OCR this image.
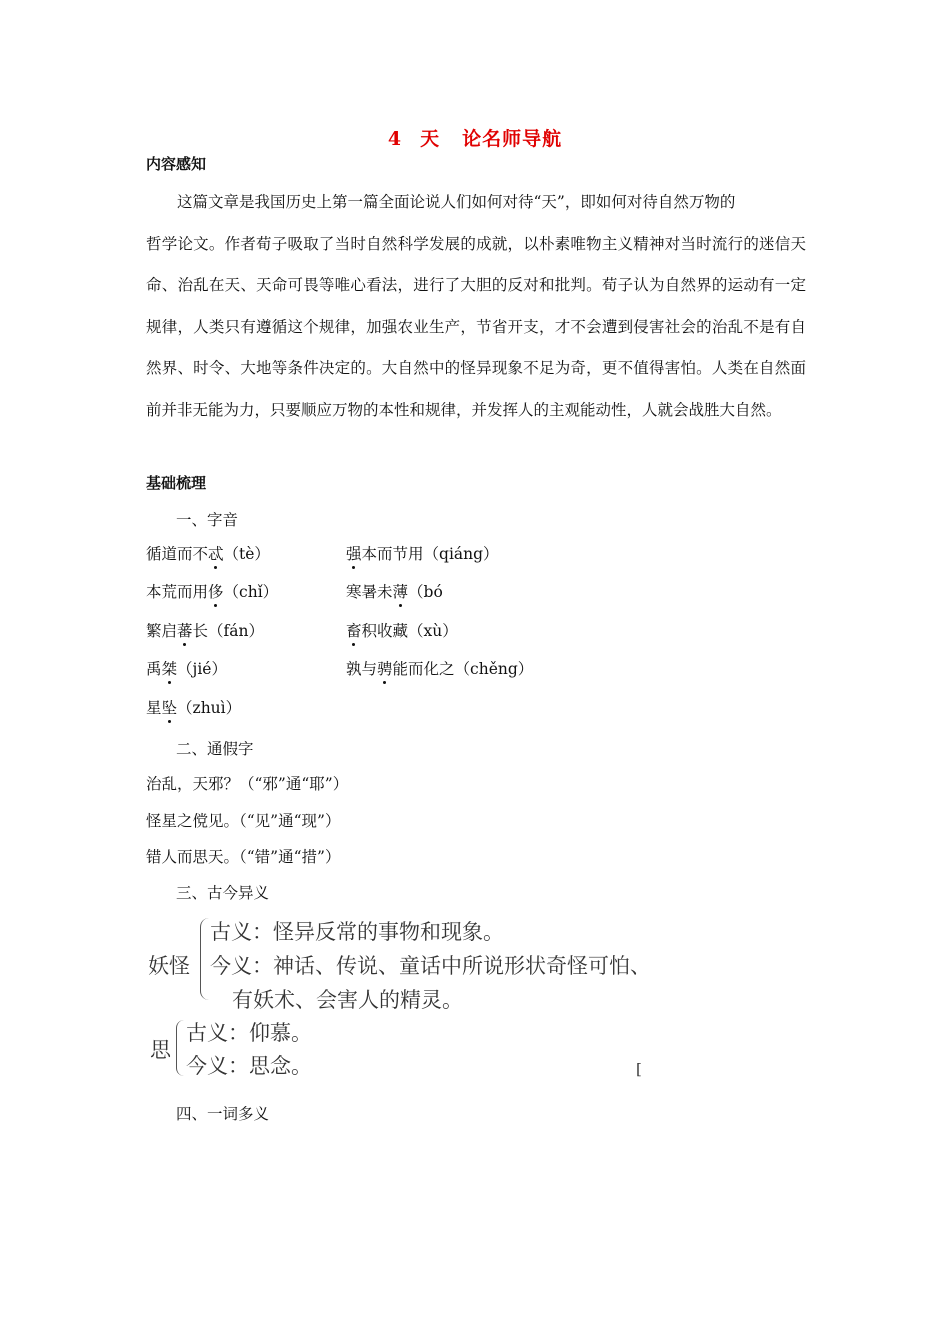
4 天 论名师导航
内容感知
这篇文章是我国历史上第一篇全面论说人们如何对待“天”，即如何对待自然万物的
哲学论文。作者荀子吸取了当时自然科学发展的成就，以朴素唯物主义精神对当时流行的迷信天命、治乱在天、天命可畏等唯心看法，进行了大胆的反对和批判。荀子认为自然界的运动有一定规律，人类只有遵循这个规律，加强农业生产，节省开支，才不会遭到侵害社会的治乱不是有自然界、时令、大地等条件决定的。大自然中的怪异现象不足为奇，更不值得害怕。人类在自然面前并非无能为力，只要顺应万物的本性和规律，并发挥人的主观能动性，人就会战胜大自然。
基础梳理
一、字音
循道而不忒（tè）	强本而节用（qiáng）
本荒而用侈（chǐ）	寒暑未薄（bó
繁启蕃长（fán）	畜积收藏（xù）
禹桀（jié）	孰与骋能而化之（chěng）
星坠（zhuì）
二、通假字
治乱，天邪？（“邪”通“耶”）
怪星之傥见。（“见”通“现”）
错人而思天。（“错”通“措”）
三、古今异义
妖怪
古义：怪异反常的事物和现象。
今义：神话、传说、童话中所说形状奇怪可怕、
有妖术、会害人的精灵。
思
古义：仰慕。
今义：思念。	[
四、一词多义
